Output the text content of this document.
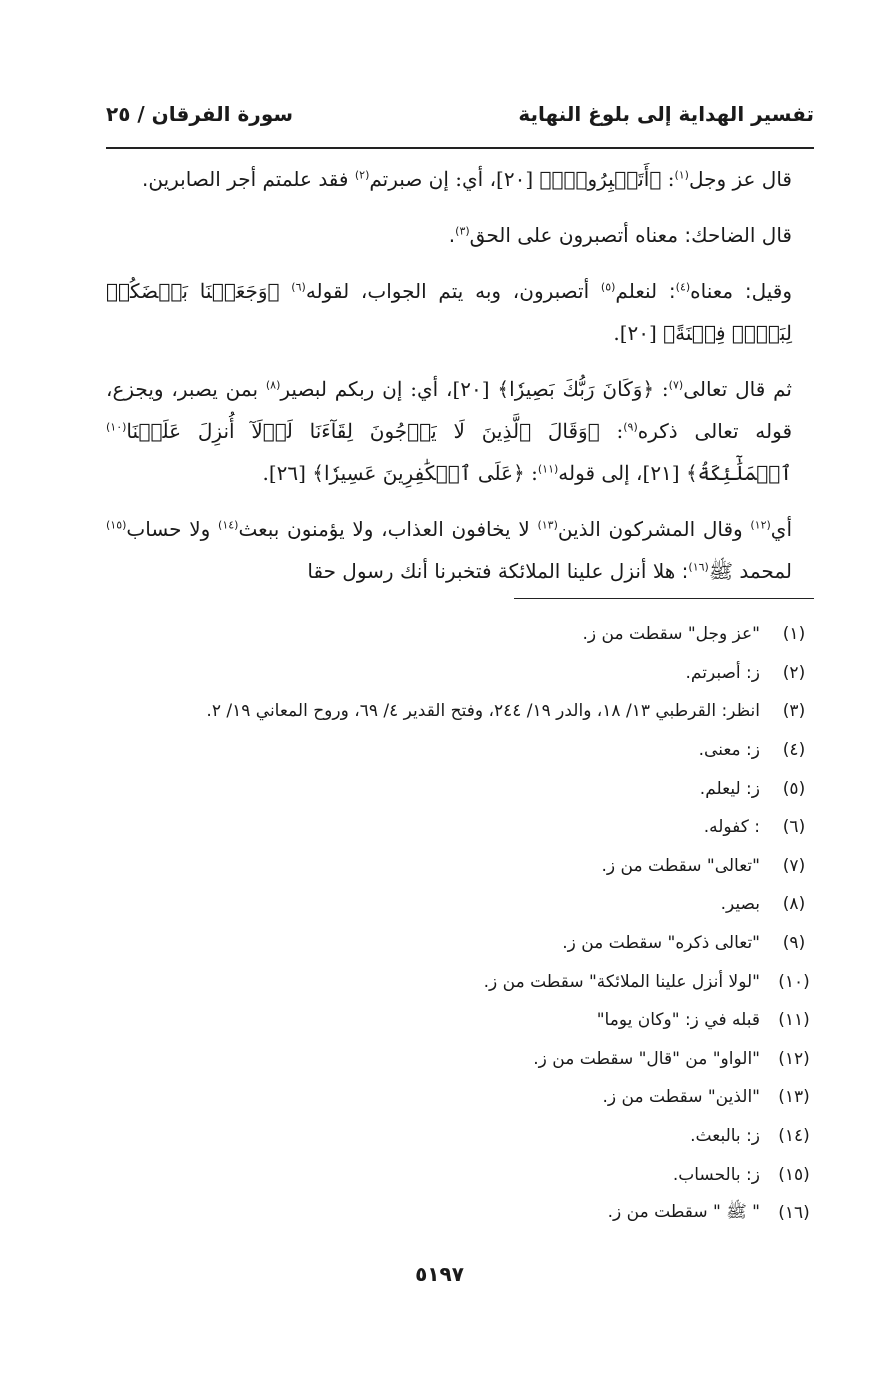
تفسير الهداية إلى بلوغ النهاية
سورة الفرقان / ٢٥

قال عز وجل$^{(١)}$: ﴿أَتَصۡبِرُونَۗ﴾ [٢٠]، أي: إن صبرتم$^{(٢)}$ فقد علمتم أجر الصابرين.

قال الضاحك: معناه أتصبرون على الحق$^{(٣)}$.

وقيل: معناه$^{(٤)}$: لنعلم$^{(٥)}$ أتصبرون، وبه يتم الجواب، لقوله$^{(٦)}$ ﴿وَجَعَلۡنَا بَعۡضَكُمۡ لِبَعۡضٖ فِتۡنَةً﴾ [٢٠].

ثم قال تعالى$^{(٧)}$: ﴿وَكَانَ رَبُّكَ بَصِيرٗا﴾ [٢٠]، أي: إن ربكم لبصير$^{(٨)}$ بمن يصبر، ويجزع، قوله تعالى ذكره$^{(٩)}$: ﴿وَقَالَ ٱلَّذِينَ لَا يَرۡجُونَ لِقَآءَنَا لَوۡلَآ أُنزِلَ عَلَيۡنَا$^{(١٠)}$ ٱلۡمَلَٰٓئِكَةُ﴾ [٢١]، إلى قوله$^{(١١)}$: ﴿عَلَى ٱلۡكَٰفِرِينَ عَسِيرٗا﴾ [٢٦].

أي$^{(١٢)}$ وقال المشركون الذين$^{(١٣)}$ لا يخافون العذاب، ولا يؤمنون ببعث$^{(١٤)}$ ولا حساب$^{(١٥)}$ لمحمد ﷺ$^{(١٦)}$: هلا أنزل علينا الملائكة فتخبرنا أنك رسول حقا

(١)
"عز وجل" سقطت من ز.
(٢)
ز: أصبرتم.
(٣)
انظر: القرطبي ١٣/ ١٨، والدر ١٩/ ٢٤٤، وفتح القدير ٤/ ٦٩، وروح المعاني ١٩/ ٢.
(٤)
ز: معنى.
(٥)
ز: ليعلم.
(٦)
: كفوله.
(٧)
"تعالى" سقطت من ز.
(٨)
بصير.
(٩)
"تعالى ذكره" سقطت من ز.
(١٠)
"لولا أنزل علينا الملائكة" سقطت من ز.
(١١)
قبله في ز: "وكان يوما"
(١٢)
"الواو" من "قال" سقطت من ز.
(١٣)
"الذين" سقطت من ز.
(١٤)
ز: بالبعث.
(١٥)
ز: بالحساب.
(١٦)
" ﷺ " سقطت من ز.
٥١٩٧
